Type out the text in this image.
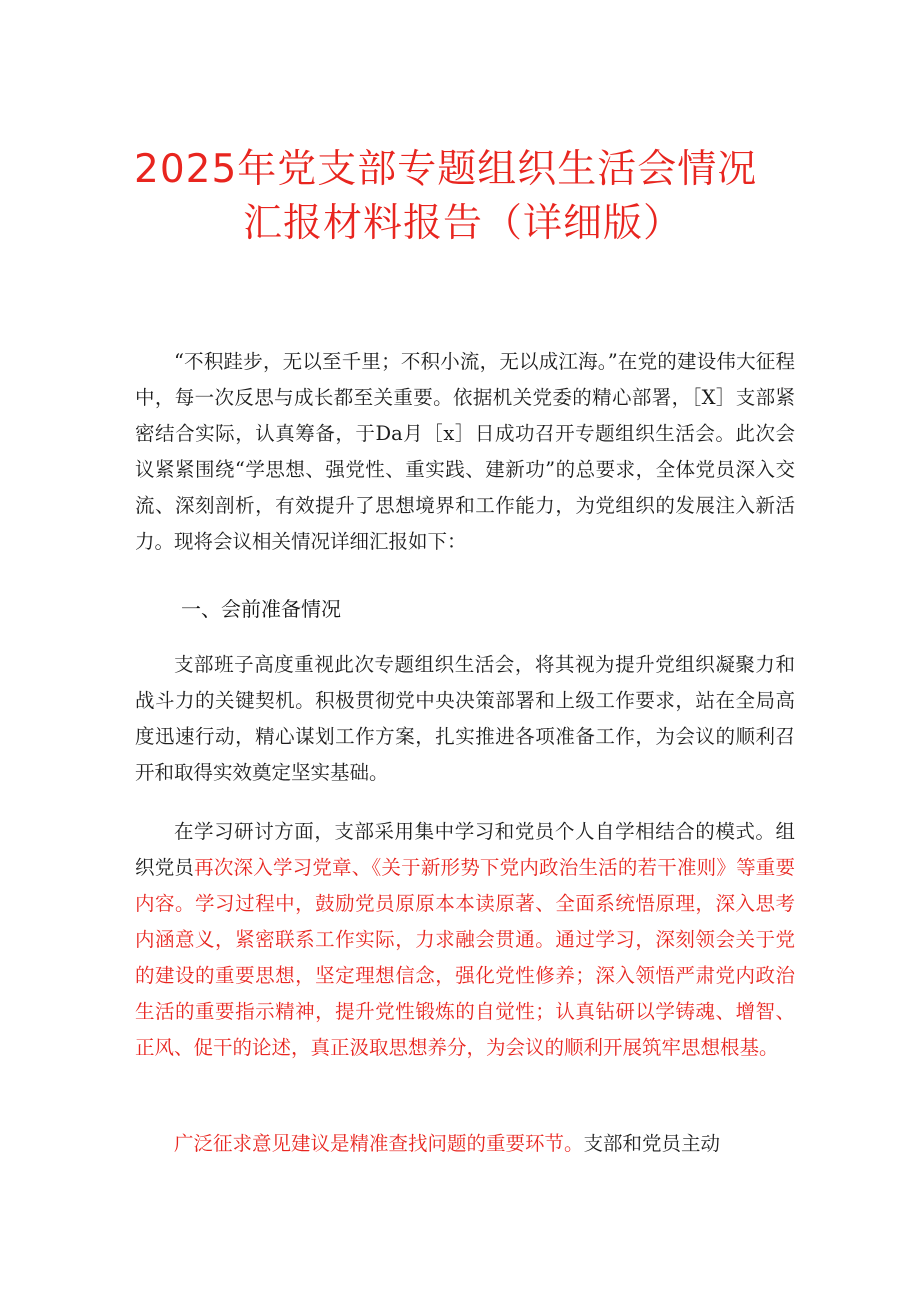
2025年党支部专题组织生活会情况
汇报材料报告（详细版）

“不积跬步，无以至千里；不积小流，无以成江海。”在党的建设伟大征程中，每一次反思与成长都至关重要。依据机关党委的精心部署，［X］支部紧密结合实际，认真筹备，于Da月［x］日成功召开专题组织生活会。此次会议紧紧围绕“学思想、强党性、重实践、建新功”的总要求，全体党员深入交流、深刻剖析，有效提升了思想境界和工作能力，为党组织的发展注入新活力。现将会议相关情况详细汇报如下：

一、会前准备情况

支部班子高度重视此次专题组织生活会，将其视为提升党组织凝聚力和战斗力的关键契机。积极贯彻党中央决策部署和上级工作要求，站在全局高度迅速行动，精心谋划工作方案，扎实推进各项准备工作，为会议的顺利召开和取得实效奠定坚实基础。

在学习研讨方面，支部采用集中学习和党员个人自学相结合的模式。组织党员再次深入学习党章、《关于新形势下党内政治生活的若干准则》等重要内容。学习过程中，鼓励党员原原本本读原著、全面系统悟原理，深入思考内涵意义，紧密联系工作实际，力求融会贯通。通过学习，深刻领会关于党的建设的重要思想，坚定理想信念，强化党性修养；深入领悟严肃党内政治生活的重要指示精神，提升党性锻炼的自觉性；认真钻研以学铸魂、增智、正风、促干的论述，真正汲取思想养分，为会议的顺利开展筑牢思想根基。

广泛征求意见建议是精准查找问题的重要环节。支部和党员主动
